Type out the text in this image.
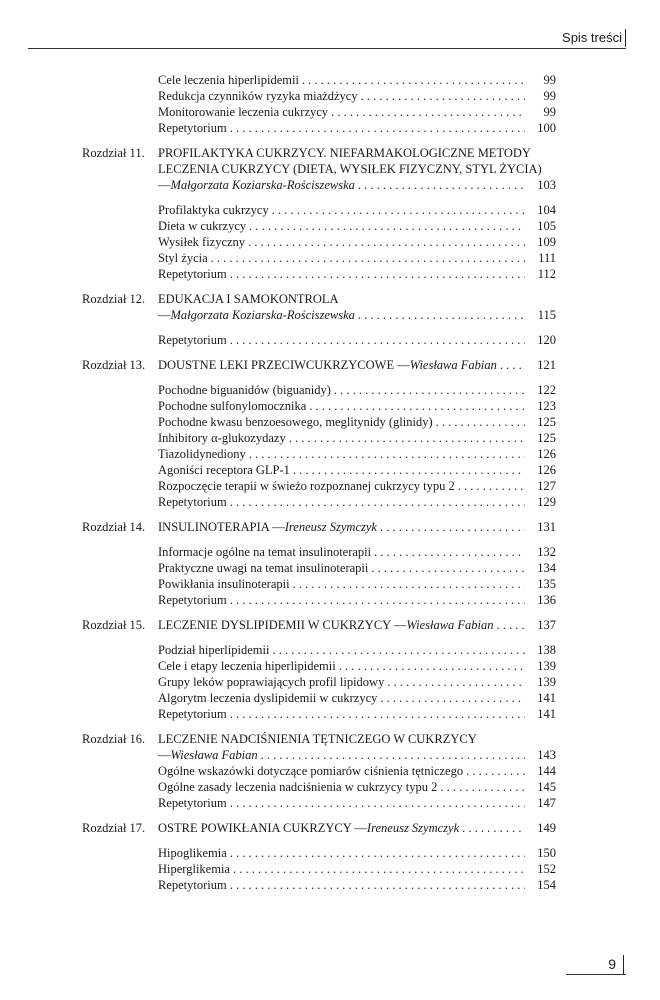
Spis treści
Cele leczenia hiperlipidemii . . .	99
Redukcja czynników ryzyka miażdżycy . . .	99
Monitorowanie leczenia cukrzycy . . .	99
Repetytorium . . .	100
Rozdział 11. PROFILAKTYKA CUKRZYCY. NIEFARMAKOLOGICZNE METODY
LECZENIA CUKRZYCY (DIETA, WYSIŁEK FIZYCZNY, STYL ŻYCIA)
— Małgorzata Koziarska-Rościszewska . . .	103
Profilaktyka cukrzycy . . .	104
Dieta w cukrzycy . . .	105
Wysiłek fizyczny . . .	109
Styl życia . . .	111
Repetytorium . . .	112
Rozdział 12. EDUKACJA I SAMOKONTROLA
— Małgorzata Koziarska-Rościszewska . . .	115
Repetytorium . . .	120
Rozdział 13. DOUSTNE LEKI PRZECIWCUKRZYCOWE — Wiesława Fabian . . .	121
Pochodne biguanidów (biguanidy) . . .	122
Pochodne sulfonylomocznika . . .	123
Pochodne kwasu benzoesowego, meglitynidy (glinidy) . . .	125
Inhibitory α-glukozydazy . . .	125
Tiazolidynediony . . .	126
Agoniści receptora GLP-1 . . .	126
Rozpoczęcie terapii w świeżo rozpoznanej cukrzycy typu 2 . . .	127
Repetytorium . . .	129
Rozdział 14. INSULINOTERAPIA — Ireneusz Szymczyk . . .	131
Informacje ogólne na temat insulinoterapii . . .	132
Praktyczne uwagi na temat insulinoterapii . . .	134
Powikłania insulinoterapii . . .	135
Repetytorium . . .	136
Rozdział 15. LECZENIE DYSLIPIDEMII W CUKRZYCY — Wiesława Fabian . . .	137
Podział hiperlipidemii . . .	138
Cele i etapy leczenia hiperlipidemii . . .	139
Grupy leków poprawiających profil lipidowy . . .	139
Algorytm leczenia dyslipidemii w cukrzycy . . .	141
Repetytorium . . .	141
Rozdział 16. LECZENIE NADCIŚNIENIA TĘTNICZEGO W CUKRZYCY
— Wiesława Fabian . . .	143
Ogólne wskazówki dotyczące pomiarów ciśnienia tętniczego . . .	144
Ogólne zasady leczenia nadciśnienia w cukrzycy typu 2 . . .	145
Repetytorium . . .	147
Rozdział 17. OSTRE POWIKŁANIA CUKRZYCY — Ireneusz Szymczyk . . .	149
Hipoglikemia . . .	150
Hiperglikemia . . .	152
Repetytorium . . .	154
9
